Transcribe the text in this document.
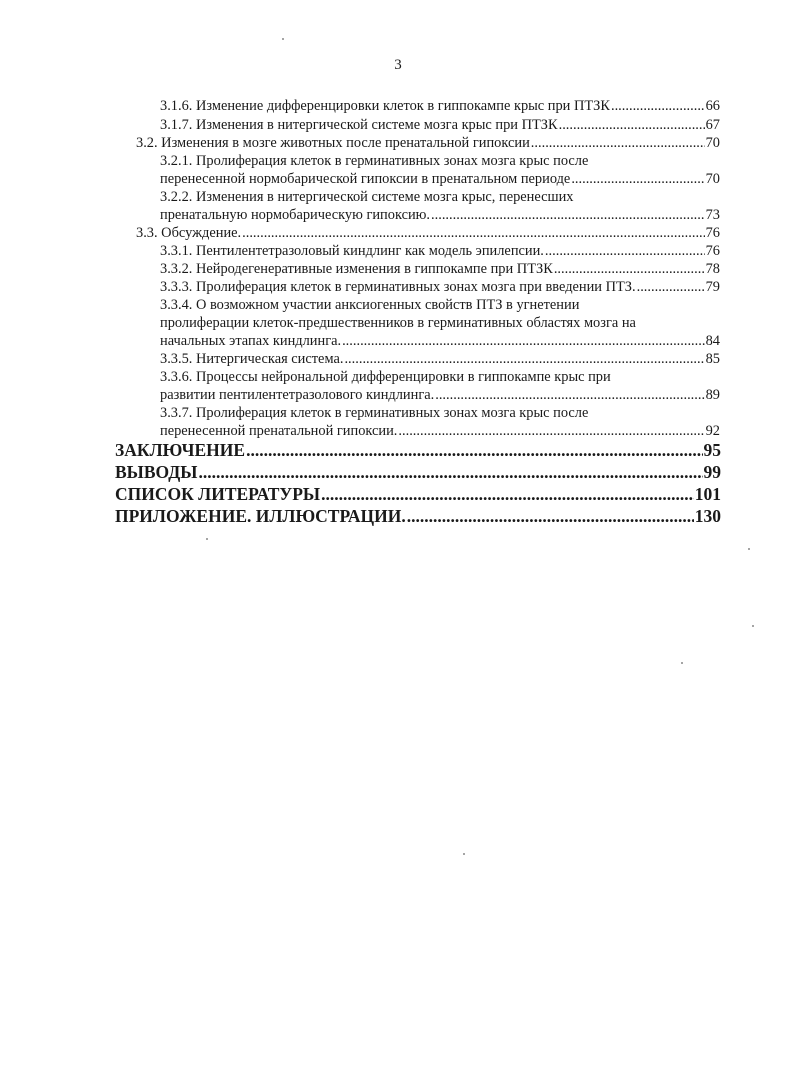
3
3.1.6. Изменение дифференцировки клеток в гиппокампе крыс при ПТЗК .....	66
3.1.7. Изменения в нитергической системе мозга крыс при ПТЗК .....	67
3.2. Изменения в мозге животных после пренатальной гипоксии .....	70
3.2.1. Пролиферация клеток в герминативных зонах мозга крыс после
перенесенной нормобарической гипоксии в пренатальном периоде .....	70
3.2.2. Изменения в нитергической системе мозга крыс, перенесших
пренатальную нормобарическую гипоксию. .....	73
3.3. Обсуждение. .....	76
3.3.1. Пентилентетразоловый киндлинг как модель эпилепсии. .....	76
3.3.2. Нейродегенеративные изменения в гиппокампе при ПТЗК .....	78
3.3.3. Пролиферация клеток в герминативных зонах мозга при введении ПТЗ. .....	79
3.3.4. О возможном участии анксиогенных свойств ПТЗ в угнетении
пролиферации клеток-предшественников в герминативных областях мозга на
начальных этапах киндлинга. .....	84
3.3.5. Нитергическая система. .....	85
3.3.6. Процессы нейрональной дифференцировки в гиппокампе крыс при
развитии пентилентетразолового киндлинга. .....	89
3.3.7. Пролиферация клеток в герминативных зонах мозга крыс после
перенесенной пренатальной гипоксии. .....	92
ЗАКЛЮЧЕНИЕ .....	95
ВЫВОДЫ .....	99
СПИСОК ЛИТЕРАТУРЫ .....	101
ПРИЛОЖЕНИЕ. ИЛЛЮСТРАЦИИ. .....	130
